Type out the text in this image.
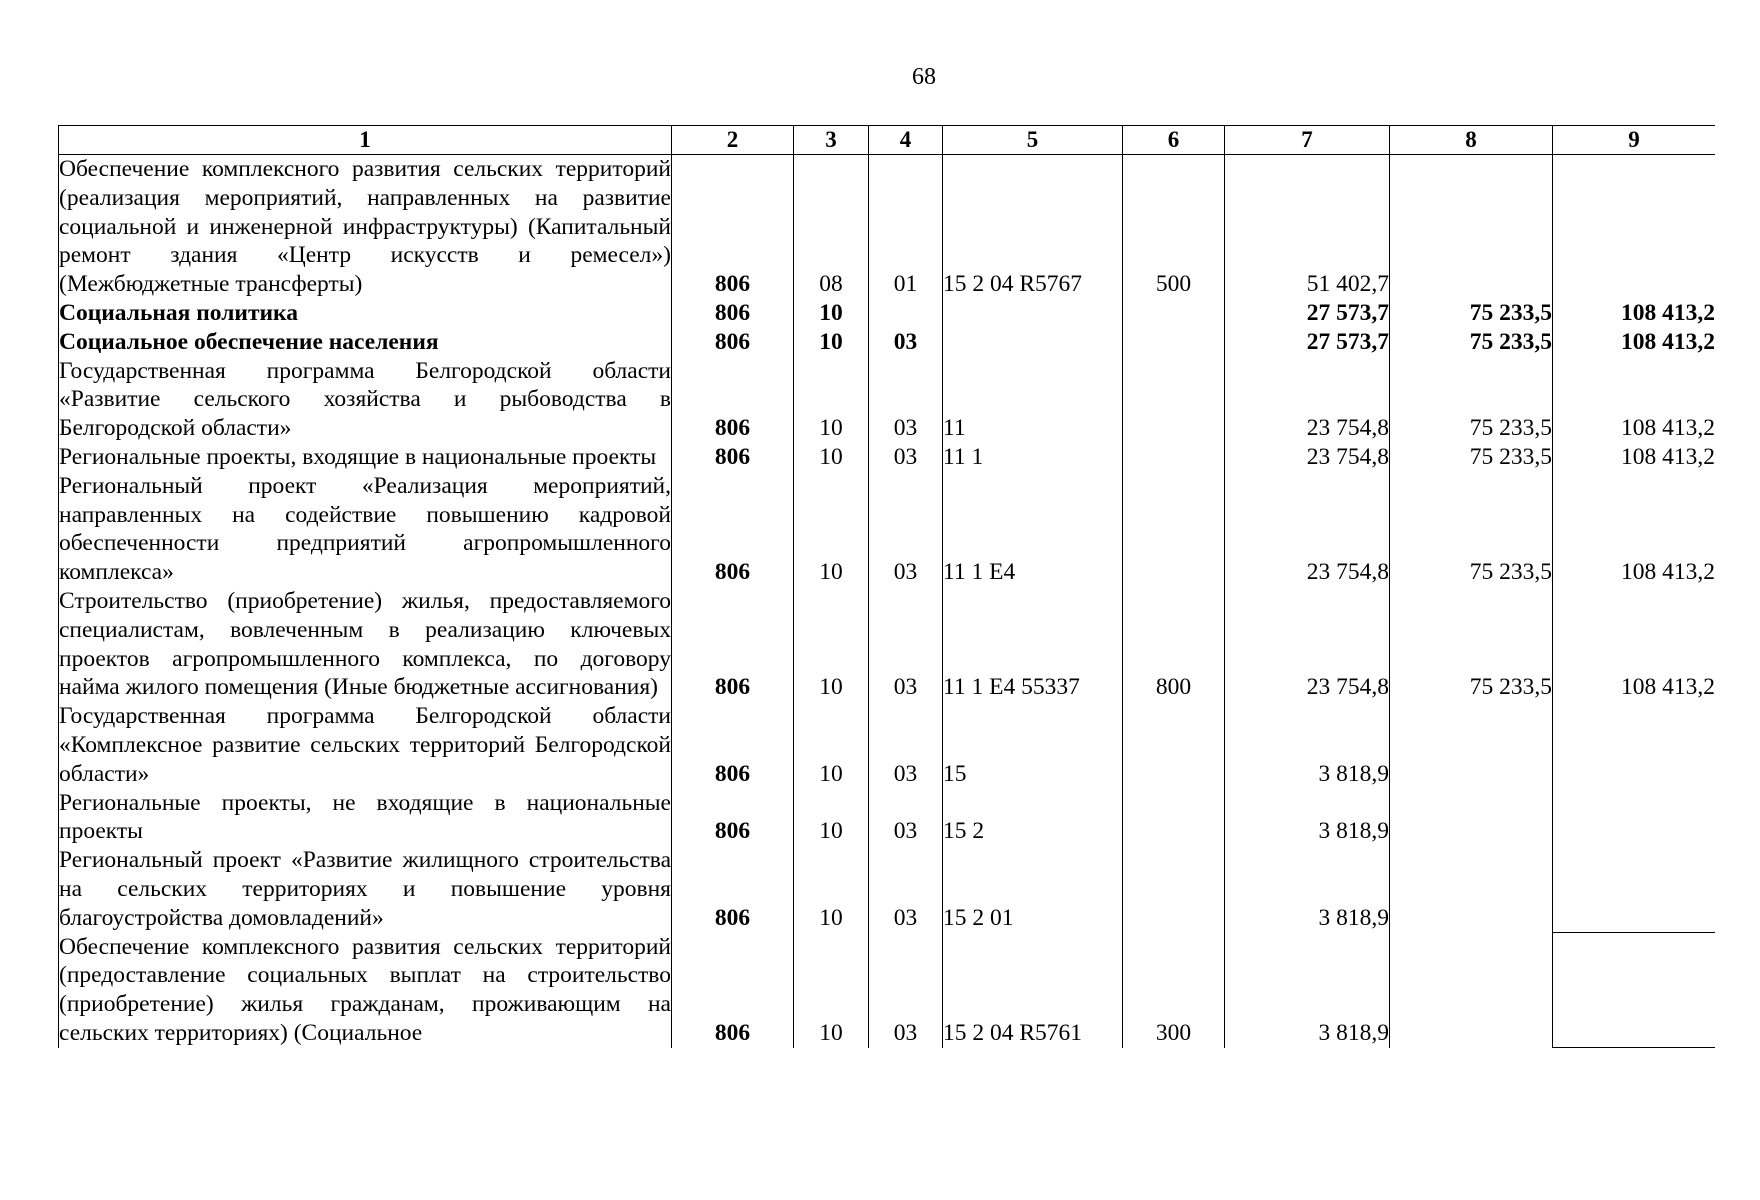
68
1	2	3	4	5	6	7	8	9
Обеспечение комплексного развития сельских территорий (реализация мероприятий, направленных на развитие социальной и инженерной инфраструктуры) (Капитальный ремонт здания «Центр искусств и ремесел») (Межбюджетные трансферты)	806	08	01	15 2 04 R5767	500	51 402,7		
Социальная политика	806	10				27 573,7	75 233,5	108 413,2
Социальное обеспечение населения	806	10	03			27 573,7	75 233,5	108 413,2
Государственная программа Белгородской области «Развитие сельского хозяйства и рыбоводства в Белгородской области»	806	10	03	11		23 754,8	75 233,5	108 413,2
Региональные проекты, входящие в национальные проекты	806	10	03	11 1		23 754,8	75 233,5	108 413,2
Региональный проект «Реализация мероприятий, направленных на содействие повышению кадровой обеспеченности предприятий агропромышленного комплекса»	806	10	03	11 1 E4		23 754,8	75 233,5	108 413,2
Строительство (приобретение) жилья, предоставляемого специалистам, вовлеченным в реализацию ключевых проектов агропромышленного комплекса, по договору найма жилого помещения (Иные бюджетные ассигнования)	806	10	03	11 1 E4 55337	800	23 754,8	75 233,5	108 413,2
Государственная программа Белгородской области «Комплексное развитие сельских территорий Белгородской области»	806	10	03	15		3 818,9		
Региональные проекты, не входящие в национальные проекты	806	10	03	15 2		3 818,9		
Региональный проект «Развитие жилищного строительства на сельских территориях и повышение уровня благоустройства домовладений»	806	10	03	15 2 01		3 818,9		
Обеспечение комплексного развития сельских территорий (предоставление социальных выплат на строительство (приобретение) жилья гражданам, проживающим на сельских территориях) (Социальное	806	10	03	15 2 04 R5761	300	3 818,9		
